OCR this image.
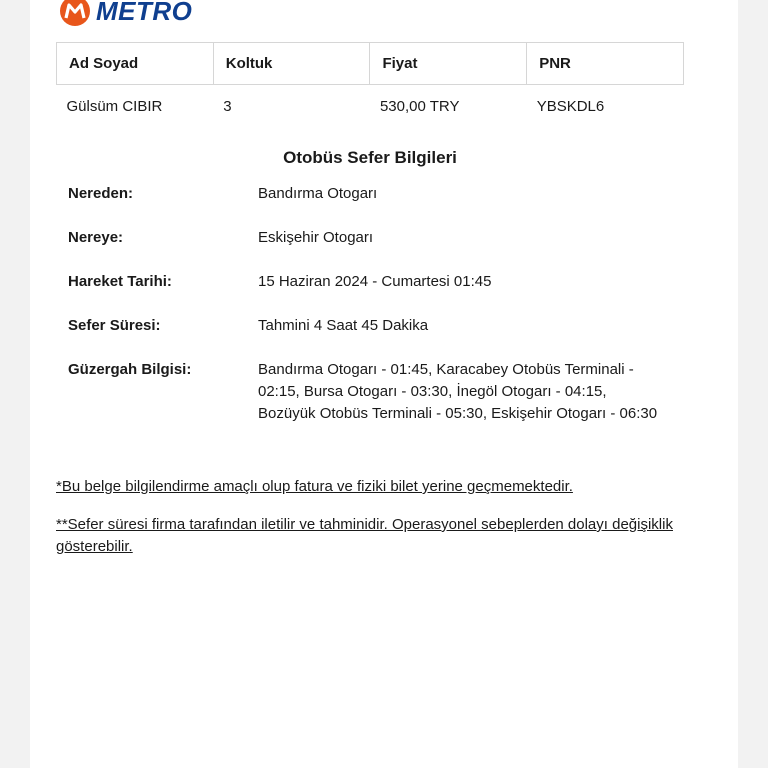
METRO
Ad Soyad	Koltuk	Fiyat	PNR
Gülsüm CIBIR	3	530,00 TRY	YBSKDL6
Otobüs Sefer Bilgileri
Nereden:	Bandırma Otogarı
Nereye:	Eskişehir Otogarı
Hareket Tarihi:	15 Haziran 2024 - Cumartesi 01:45
Sefer Süresi:	Tahmini 4 Saat 45 Dakika
Güzergah Bilgisi:	Bandırma Otogarı - 01:45, Karacabey Otobüs Terminali - 02:15, Bursa Otogarı - 03:30, İnegöl Otogarı - 04:15, Bozüyük Otobüs Terminali - 05:30, Eskişehir Otogarı - 06:30
*Bu belge bilgilendirme amaçlı olup fatura ve fiziki bilet yerine geçmemektedir.
**Sefer süresi firma tarafından iletilir ve tahminidir. Operasyonel sebeplerden dolayı değişiklik gösterebilir.
